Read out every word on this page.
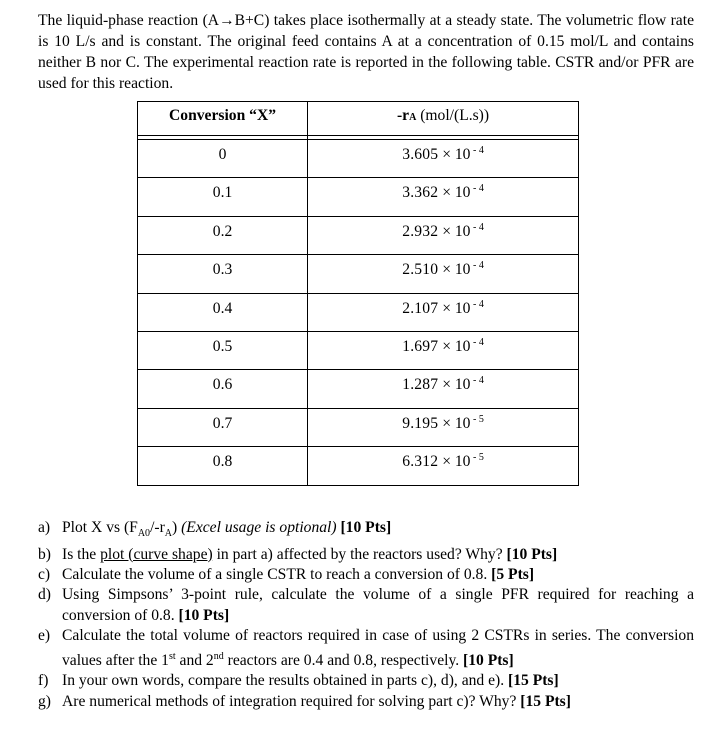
The liquid-phase reaction (A→B+C) takes place isothermally at a steady state. The volumetric flow rate is 10 L/s and is constant. The original feed contains A at a concentration of 0.15 mol/L and contains neither B nor C. The experimental reaction rate is reported in the following table. CSTR and/or PFR are used for this reaction.

Conversion “X”	-rA (mol/(L.s))

0	3.605 × 10 $^{- 4}$
0.1	3.362 × 10 $^{- 4}$
0.2	2.932 × 10 $^{- 4}$
0.3	2.510 × 10 $^{- 4}$
0.4	2.107 × 10 $^{- 4}$
0.5	1.697 × 10 $^{- 4}$
0.6	1.287 × 10 $^{- 4}$
0.7	9.195 × 10 $^{- 5}$
0.8	6.312 × 10 $^{- 5}$
a) Plot X vs $(F_{A0}/-r_A)$ (Excel usage is optional) [10 Pts]
b) Is the plot (curve shape) in part a) affected by the reactors used? Why? [10 Pts]
c) Calculate the volume of a single CSTR to reach a conversion of 0.8. [5 Pts]
d) Using Simpsons’ 3-point rule, calculate the volume of a single PFR required for reaching a conversion of 0.8. [10 Pts]
e) Calculate the total volume of reactors required in case of using 2 CSTRs in series. The conversion values after the 1st and 2nd reactors are 0.4 and 0.8, respectively. [10 Pts]
f) In your own words, compare the results obtained in parts c), d), and e). [15 Pts]
g) Are numerical methods of integration required for solving part c)? Why? [15 Pts]
